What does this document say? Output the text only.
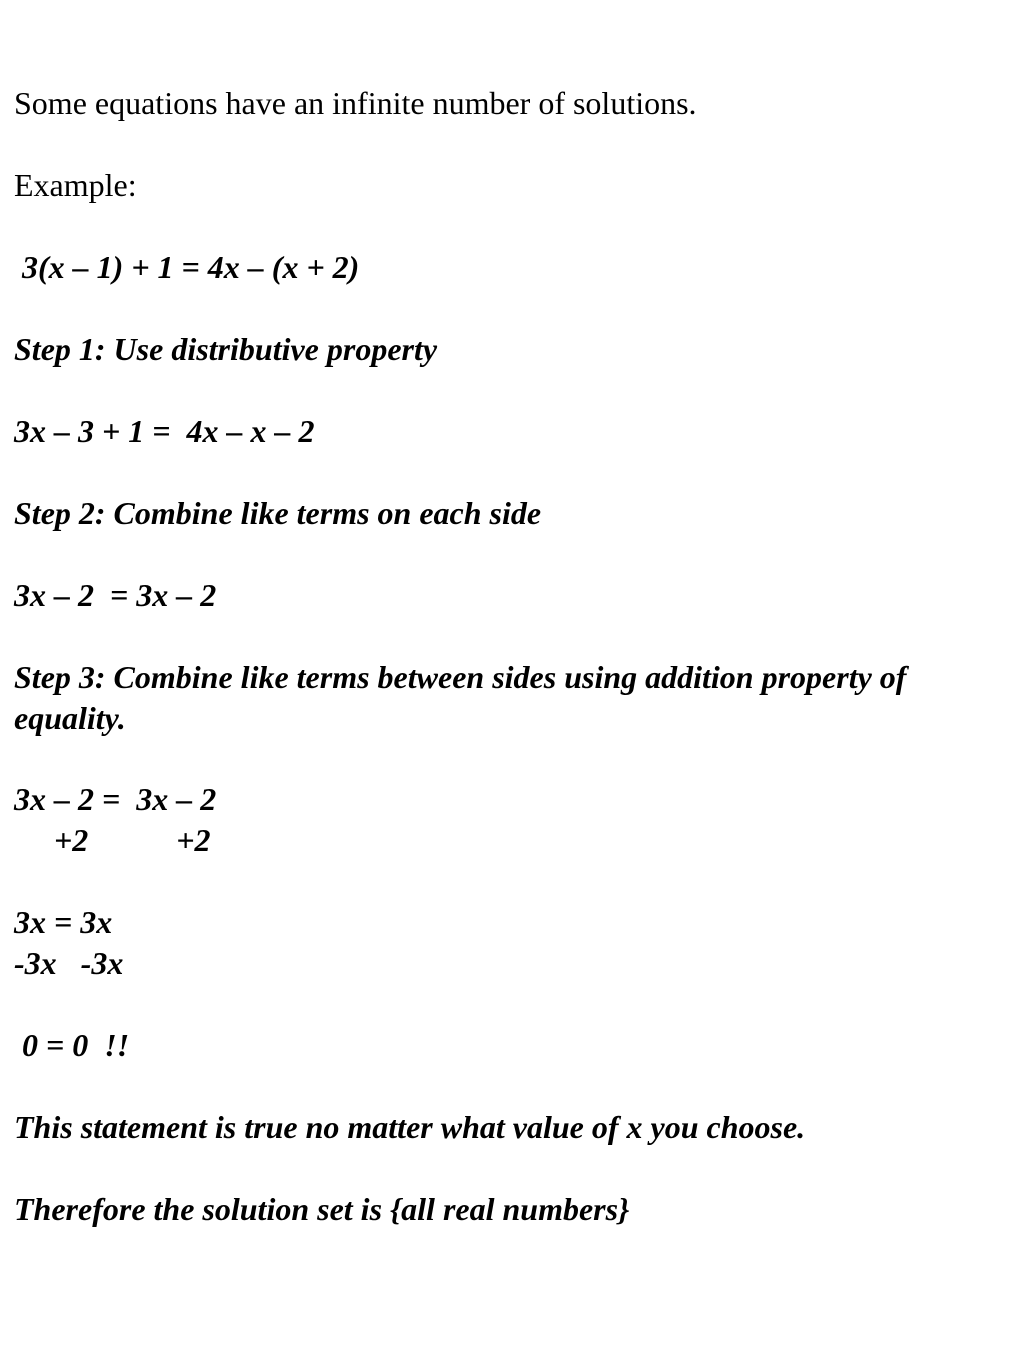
Some equations have an infinite number of solutions.

Example:

3(x – 1) + 1 = 4x – (x + 2)

Step 1: Use distributive property

3x – 3 + 1 =  4x – x – 2

Step 2: Combine like terms on each side

3x – 2  = 3x – 2

Step 3: Combine like terms between sides using addition property of

equality.

3x – 2 =  3x – 2

+2           +2

3x = 3x

-3x   -3x

0 = 0  !!

This statement is true no matter what value of x you choose.

Therefore the solution set is {all real numbers}
